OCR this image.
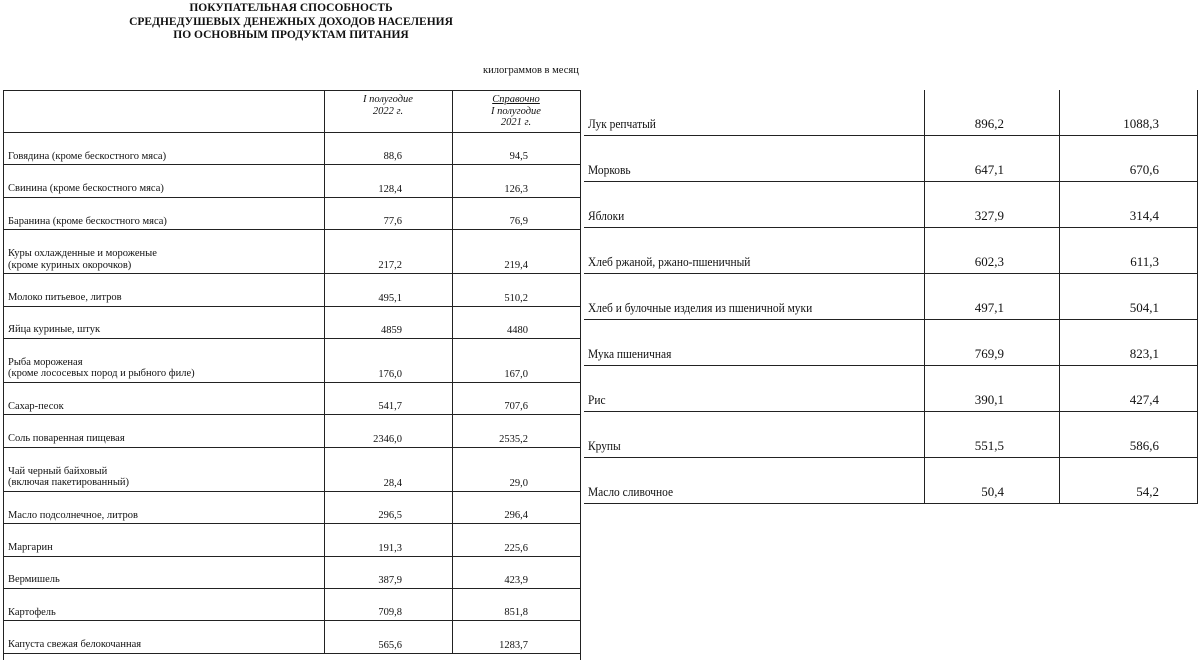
ПОКУПАТЕЛЬНАЯ СПОСОБНОСТЬ
СРЕДНЕДУШЕВЫХ ДЕНЕЖНЫХ ДОХОДОВ НАСЕЛЕНИЯ
ПО ОСНОВНЫМ ПРОДУКТАМ ПИТАНИЯ
килограммов в месяц
I полугодие
2022 г.
Справочно
I полугодие
2021 г.
Говядина (кроме бескостного мяса)	88,6	94,5
Свинина (кроме бескостного мяса)	128,4	126,3
Баранина (кроме бескостного мяса)	77,6	76,9
Куры охлажденные и мороженые
(кроме куриных окорочков)	217,2	219,4
Молоко питьевое, литров	495,1	510,2
Яйца куриные, штук	4859	4480
Рыба мороженая
(кроме лососевых пород и рыбного филе)	176,0	167,0
Сахар-песок	541,7	707,6
Соль поваренная пищевая	2346,0	2535,2
Чай черный байховый
(включая пакетированный)	28,4	29,0
Масло подсолнечное, литров	296,5	296,4
Маргарин	191,3	225,6
Вермишель	387,9	423,9
Картофель	709,8	851,8
Капуста свежая белокочанная	565,6	1283,7
Лук репчатый	896,2	1088,3
Морковь	647,1	670,6
Яблоки	327,9	314,4
Хлеб ржаной, ржано-пшеничный	602,3	611,3
Хлеб и булочные изделия из пшеничной муки	497,1	504,1
Мука пшеничная	769,9	823,1
Рис	390,1	427,4
Крупы	551,5	586,6
Масло сливочное	50,4	54,2
